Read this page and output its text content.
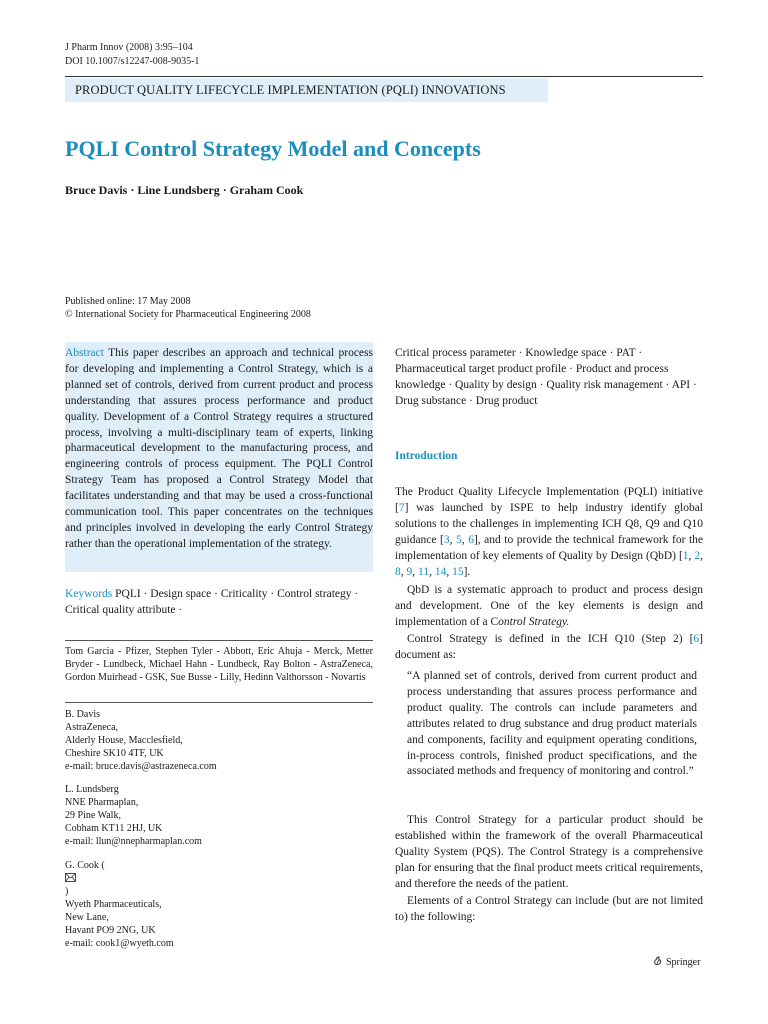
J Pharm Innov (2008) 3:95–104
DOI 10.1007/s12247-008-9035-1
PRODUCT QUALITY LIFECYCLE IMPLEMENTATION (PQLI) INNOVATIONS
PQLI Control Strategy Model and Concepts
Bruce Davis · Line Lundsberg · Graham Cook
Published online: 17 May 2008
© International Society for Pharmaceutical Engineering 2008

Abstract This paper describes an approach and technical process for developing and implementing a Control Strategy, which is a planned set of controls, derived from current product and process understanding that assures process performance and product quality. Development of a Control Strategy requires a structured process, involving a multi-disciplinary team of experts, linking pharmaceutical development to the manufacturing process, and engineering controls of process equipment. The PQLI Control Strategy Team has proposed a Control Strategy Model that facilitates understanding and that may be used a cross-functional communication tool. This paper concentrates on the techniques and principles involved in developing the early Control Strategy rather than the operational implementation of the strategy.

Keywords PQLI · Design space · Criticality · Control strategy · Critical quality attribute ·

Tom Garcia - Pfizer, Stephen Tyler - Abbott, Eric Ahuja - Merck, Metter Bryder - Lundbeck, Michael Hahn - Lundbeck, Ray Bolton - AstraZeneca, Gordon Muirhead - GSK, Sue Busse - Lilly, Hedinn Valthorsson - Novartis

B. Davis
AstraZeneca,
Alderly House, Macclesfield,
Cheshire SK10 4TF, UK
e-mail: bruce.davis@astrazeneca.com

L. Lundsberg
NNE Pharmaplan,
29 Pine Walk,
Cobham KT11 2HJ, UK
e-mail: llun@nnepharmaplan.com

G. Cook (
)
Wyeth Pharmaceuticals,
New Lane,
Havant PO9 2NG, UK
e-mail: cook1@wyeth.com

Critical process parameter · Knowledge space · PAT · Pharmaceutical target product profile · Product and process knowledge · Quality by design · Quality risk management · API · Drug substance · Drug product

Introduction

The Product Quality Lifecycle Implementation (PQLI) initiative [7] was launched by ISPE to help industry identify global solutions to the challenges in implementing ICH Q8, Q9 and Q10 guidance [3, 5, 6], and to provide the technical framework for the implementation of key elements of Quality by Design (QbD) [1, 2, 8, 9, 11, 14, 15].

QbD is a systematic approach to product and process design and development. One of the key elements is design and implementation of a Control Strategy.

Control Strategy is defined in the ICH Q10 (Step 2) [6] document as:

“A planned set of controls, derived from current product and process understanding that assures process performance and product quality. The controls can include parameters and attributes related to drug substance and drug product materials and components, facility and equipment operating conditions, in-process controls, finished product specifications, and the associated methods and frequency of monitoring and control.”

This Control Strategy for a particular product should be established within the framework of the overall Pharmaceutical Quality System (PQS). The Control Strategy is a comprehensive plan for ensuring that the final product meets critical requirements, and therefore the needs of the patient.

Elements of a Control Strategy can include (but are not limited to) the following:

Springer
